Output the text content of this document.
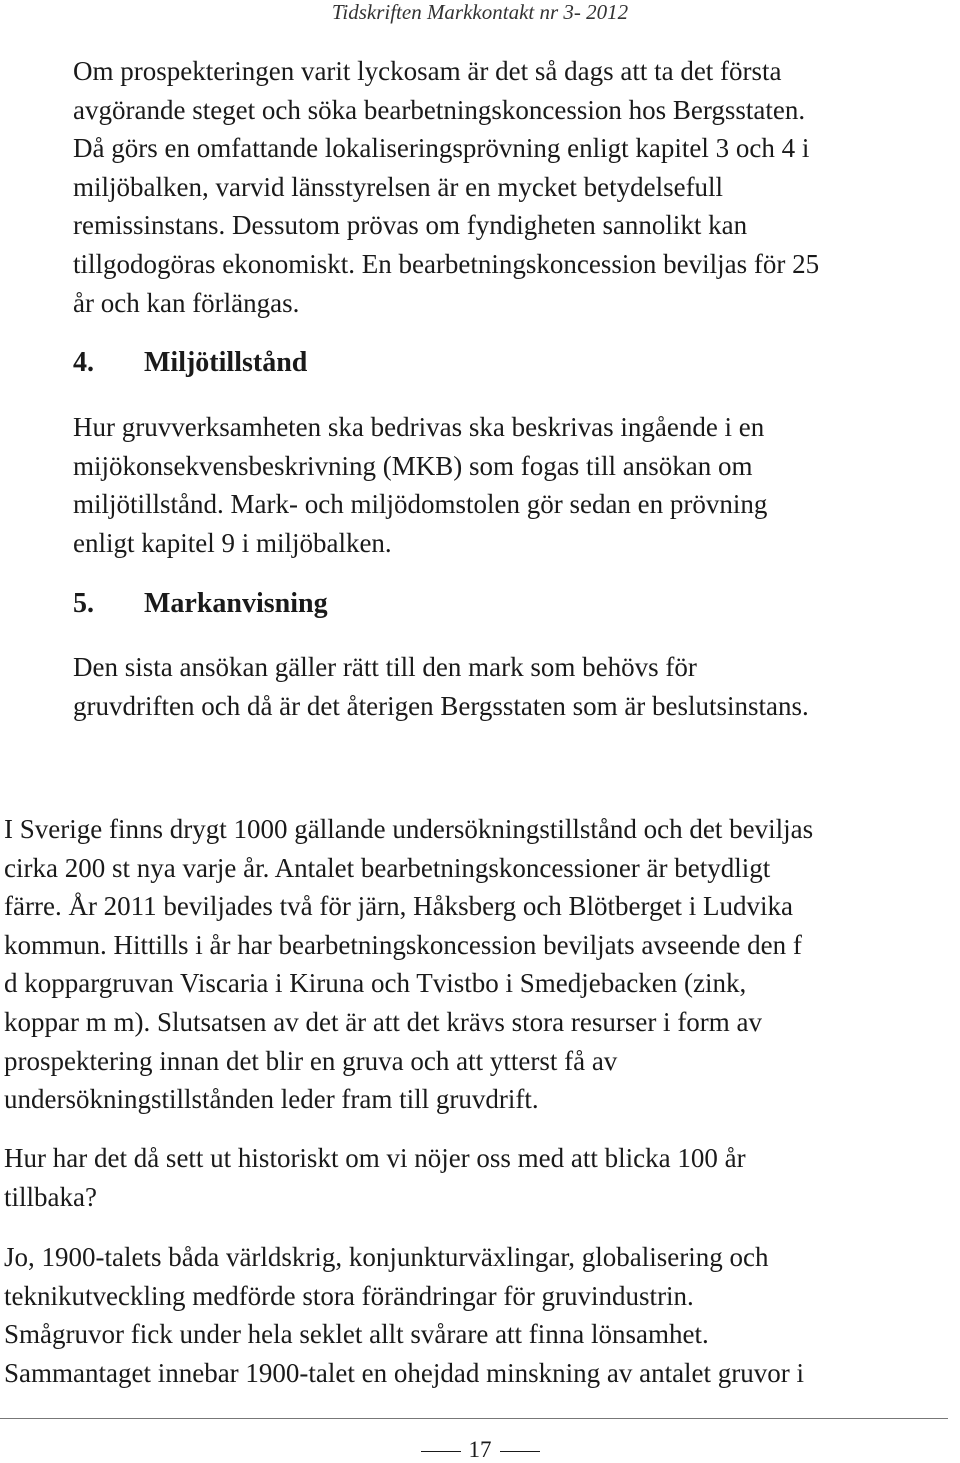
Tidskriften Markkontakt nr 3- 2012

Om prospekteringen varit lyckosam är det så dags att ta det första

avgörande steget och söka bearbetningskoncession hos Bergsstaten.

Då görs en omfattande lokaliseringsprövning enligt kapitel 3 och 4 i

miljöbalken, varvid länsstyrelsen är en mycket betydelsefull

remissinstans. Dessutom prövas om fyndigheten sannolikt kan

tillgodogöras ekonomiskt. En bearbetningskoncession beviljas för 25

år och kan förlängas.

4. Miljötillstånd

Hur gruvverksamheten ska bedrivas ska beskrivas ingående i en

mijökonsekvensbeskrivning (MKB) som fogas till ansökan om

miljötillstånd. Mark- och miljödomstolen gör sedan en prövning

enligt kapitel 9 i miljöbalken.

5. Markanvisning

Den sista ansökan gäller rätt till den mark som behövs för

gruvdriften och då är det återigen Bergsstaten som är beslutsinstans.

I Sverige finns drygt 1000 gällande undersökningstillstånd och det beviljas

cirka 200 st nya varje år. Antalet bearbetningskoncessioner är betydligt

färre. År 2011 beviljades två för järn, Håksberg och Blötberget i Ludvika

kommun. Hittills i år har bearbetningskoncession beviljats avseende den f

d koppargruvan Viscaria i Kiruna och Tvistbo i Smedjebacken (zink,

koppar m m). Slutsatsen av det är att det krävs stora resurser i form av

prospektering innan det blir en gruva och att ytterst få av

undersökningstillstånden leder fram till gruvdrift.

Hur har det då sett ut historiskt om vi nöjer oss med att blicka 100 år

tillbaka?

Jo, 1900-talets båda världskrig, konjunkturväxlingar, globalisering och

teknikutveckling medförde stora förändringar för gruvindustrin.

Smågruvor fick under hela seklet allt svårare att finna lönsamhet.

Sammantaget innebar 1900-talet en ohejdad minskning av antalet gruvor i

17
